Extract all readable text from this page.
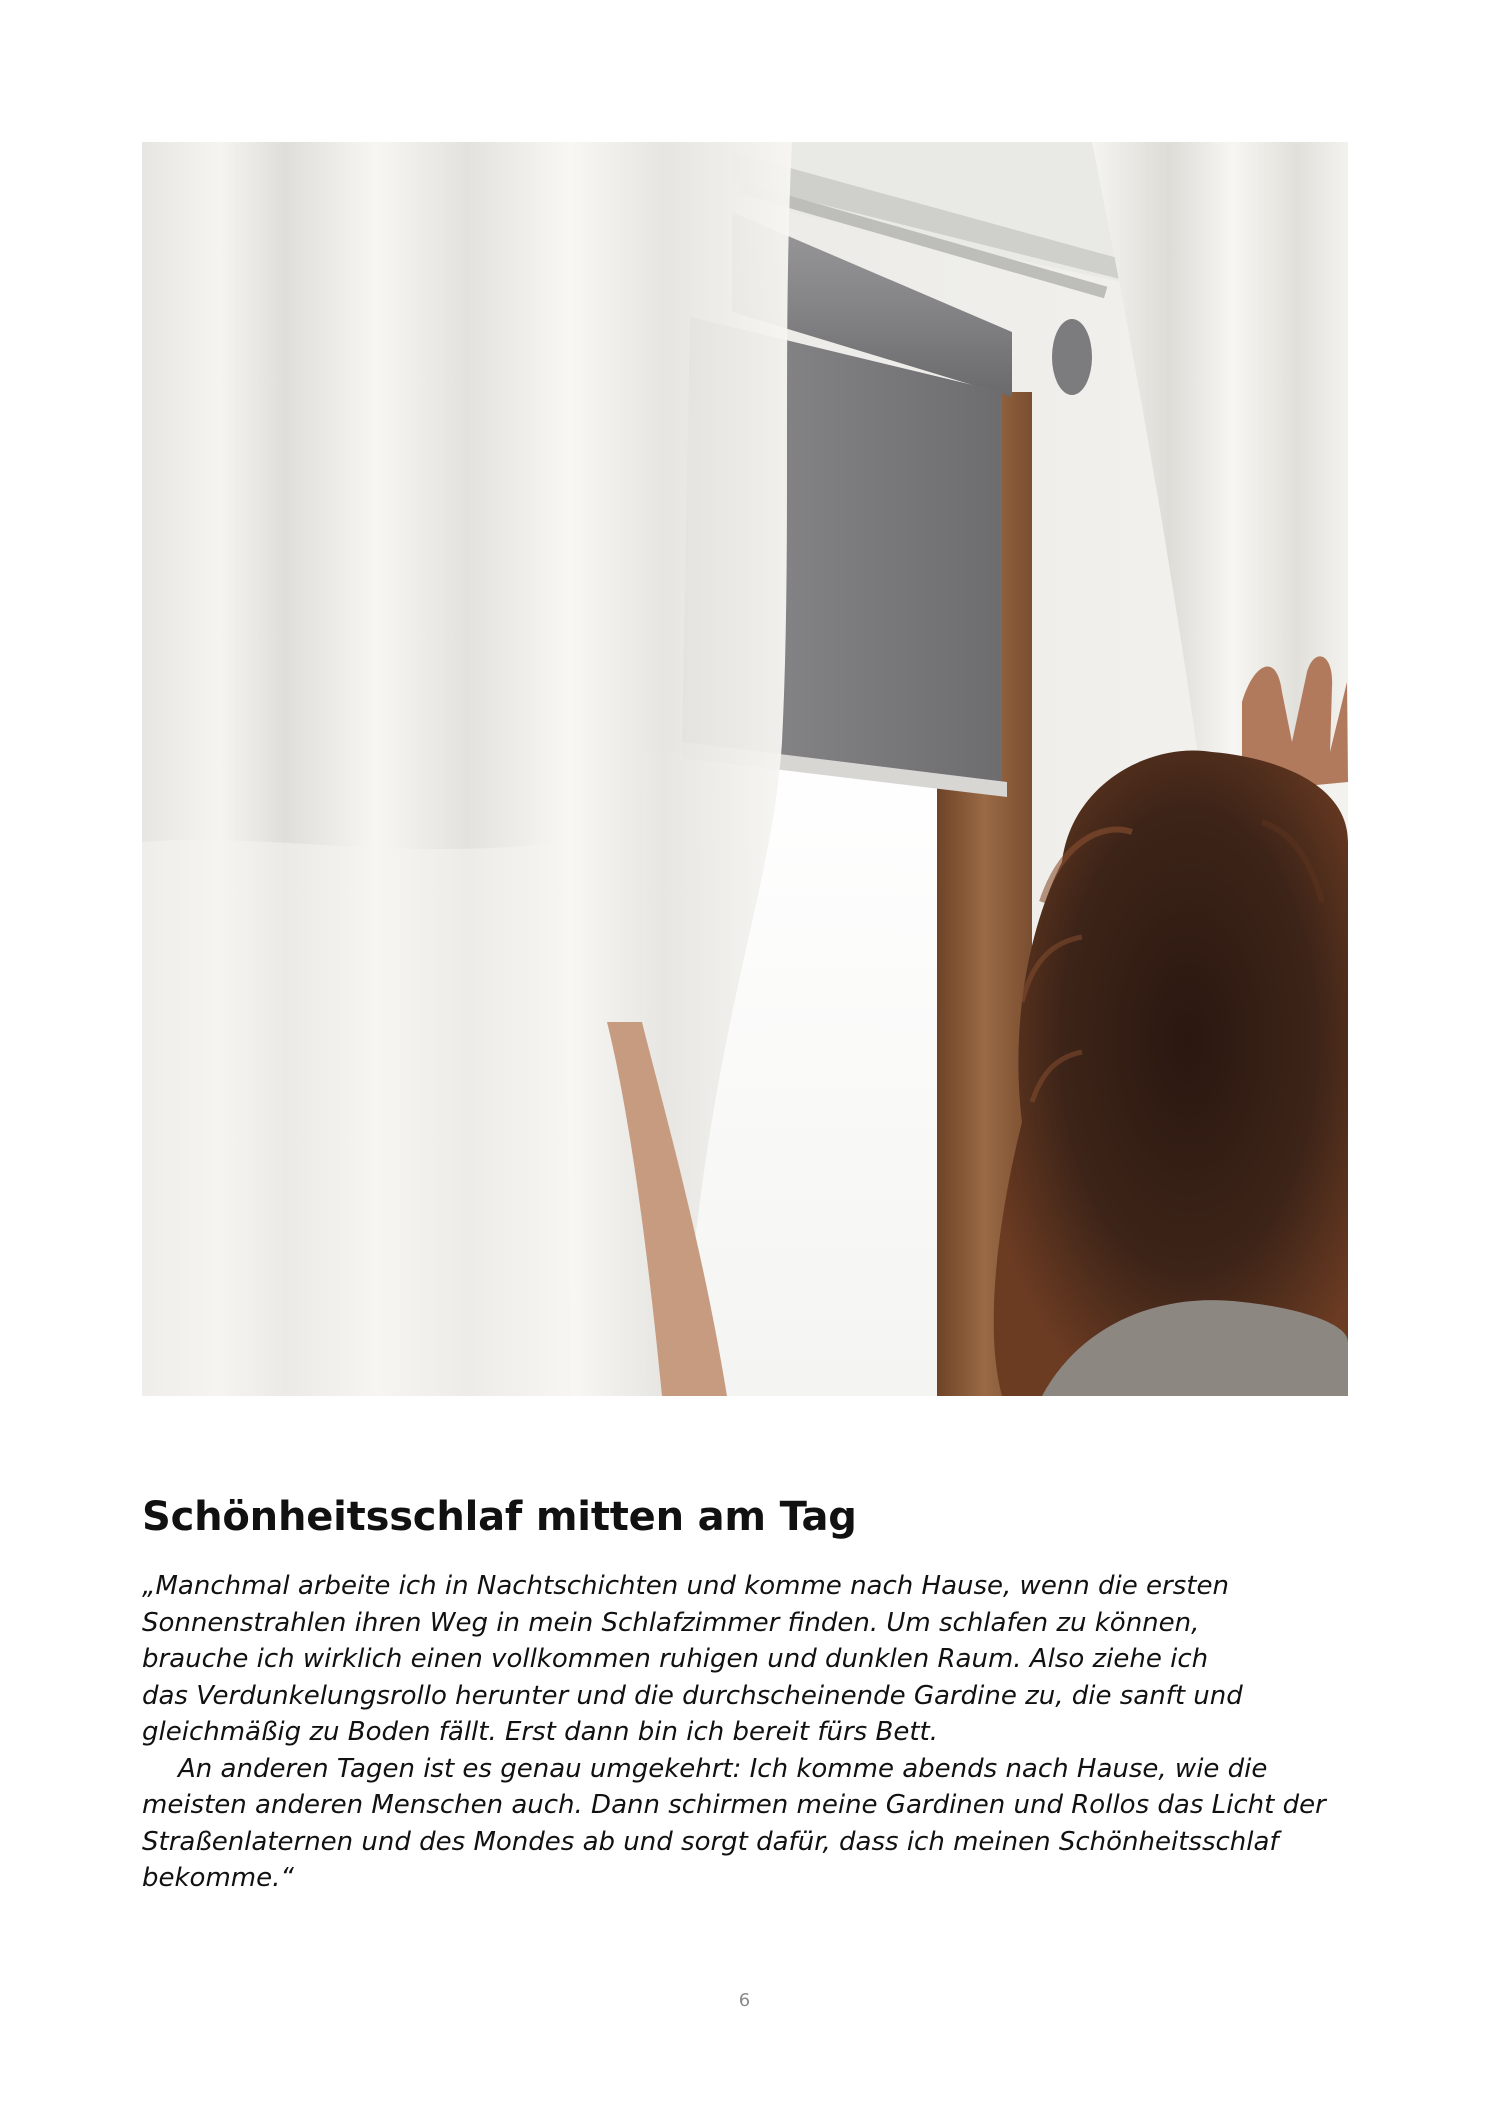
Schönheitsschlaf mitten am Tag
„Manchmal arbeite ich in Nachtschichten und komme nach Hause, wenn die ersten
Sonnenstrahlen ihren Weg in mein Schlafzimmer finden. Um schlafen zu können,
brauche ich wirklich einen vollkommen ruhigen und dunklen Raum. Also ziehe ich
das Verdunkelungsrollo herunter und die durchscheinende Gardine zu, die sanft und
gleichmäßig zu Boden fällt. Erst dann bin ich bereit fürs Bett.
An anderen Tagen ist es genau umgekehrt: Ich komme abends nach Hause, wie die
meisten anderen Menschen auch. Dann schirmen meine Gardinen und Rollos das Licht der
Straßenlaternen und des Mondes ab und sorgt dafür, dass ich meinen Schönheitsschlaf
bekomme.“
6
